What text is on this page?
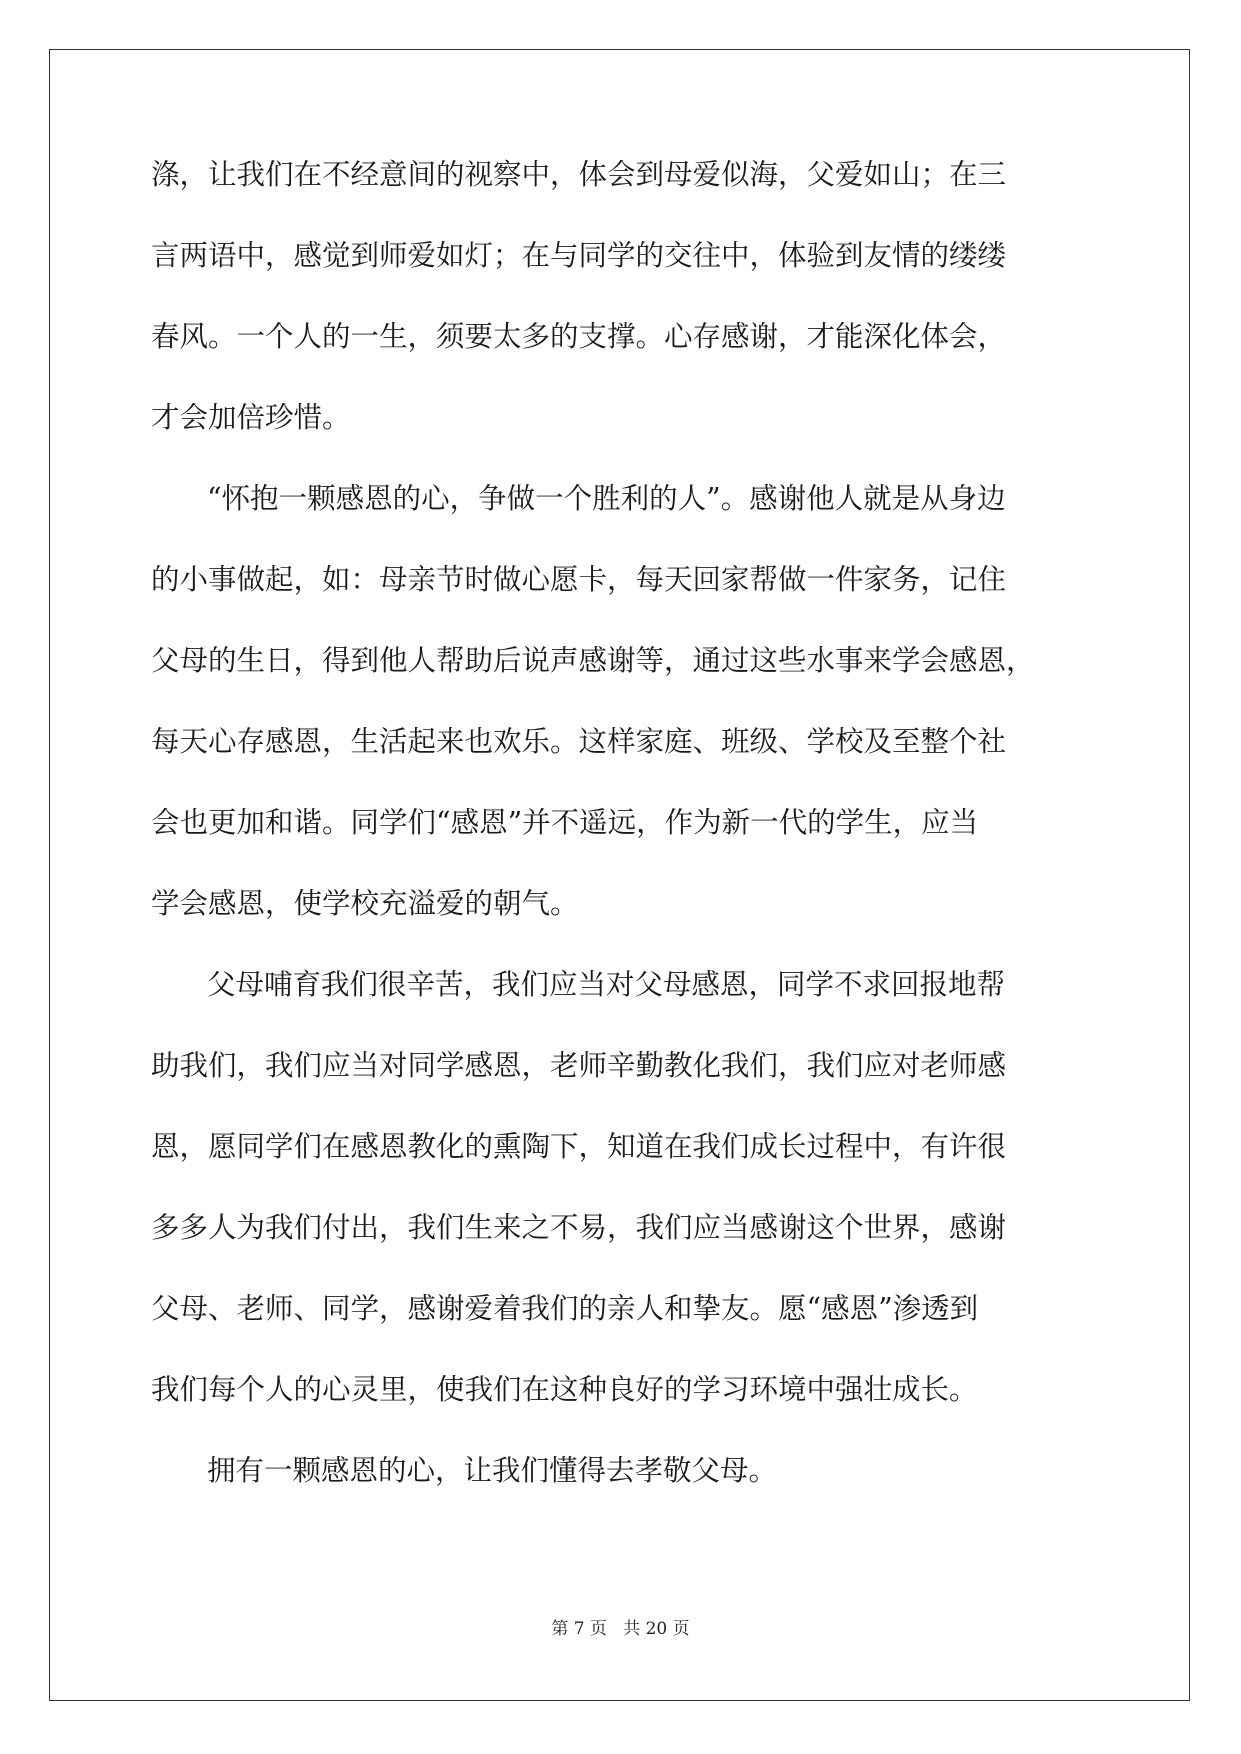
涤，让我们在不经意间的视察中，体会到母爱似海，父爱如山；在三
言两语中，感觉到师爱如灯；在与同学的交往中，体验到友情的缕缕
春风。一个人的一生，须要太多的支撑。心存感谢，才能深化体会，
才会加倍珍惜。
“怀抱一颗感恩的心，争做一个胜利的人”。感谢他人就是从身边
的小事做起，如：母亲节时做心愿卡，每天回家帮做一件家务，记住
父母的生日，得到他人帮助后说声感谢等，通过这些水事来学会感恩，
每天心存感恩，生活起来也欢乐。这样家庭、班级、学校及至整个社
会也更加和谐。同学们“感恩”并不遥远，作为新一代的学生，应当
学会感恩，使学校充溢爱的朝气。
父母哺育我们很辛苦，我们应当对父母感恩，同学不求回报地帮
助我们，我们应当对同学感恩，老师辛勤教化我们，我们应对老师感
恩，愿同学们在感恩教化的熏陶下，知道在我们成长过程中，有许很
多多人为我们付出，我们生来之不易，我们应当感谢这个世界，感谢
父母、老师、同学，感谢爱着我们的亲人和挚友。愿“感恩”渗透到
我们每个人的心灵里，使我们在这种良好的学习环境中强壮成长。
拥有一颗感恩的心，让我们懂得去孝敬父母。
第 7 页 共 20 页
